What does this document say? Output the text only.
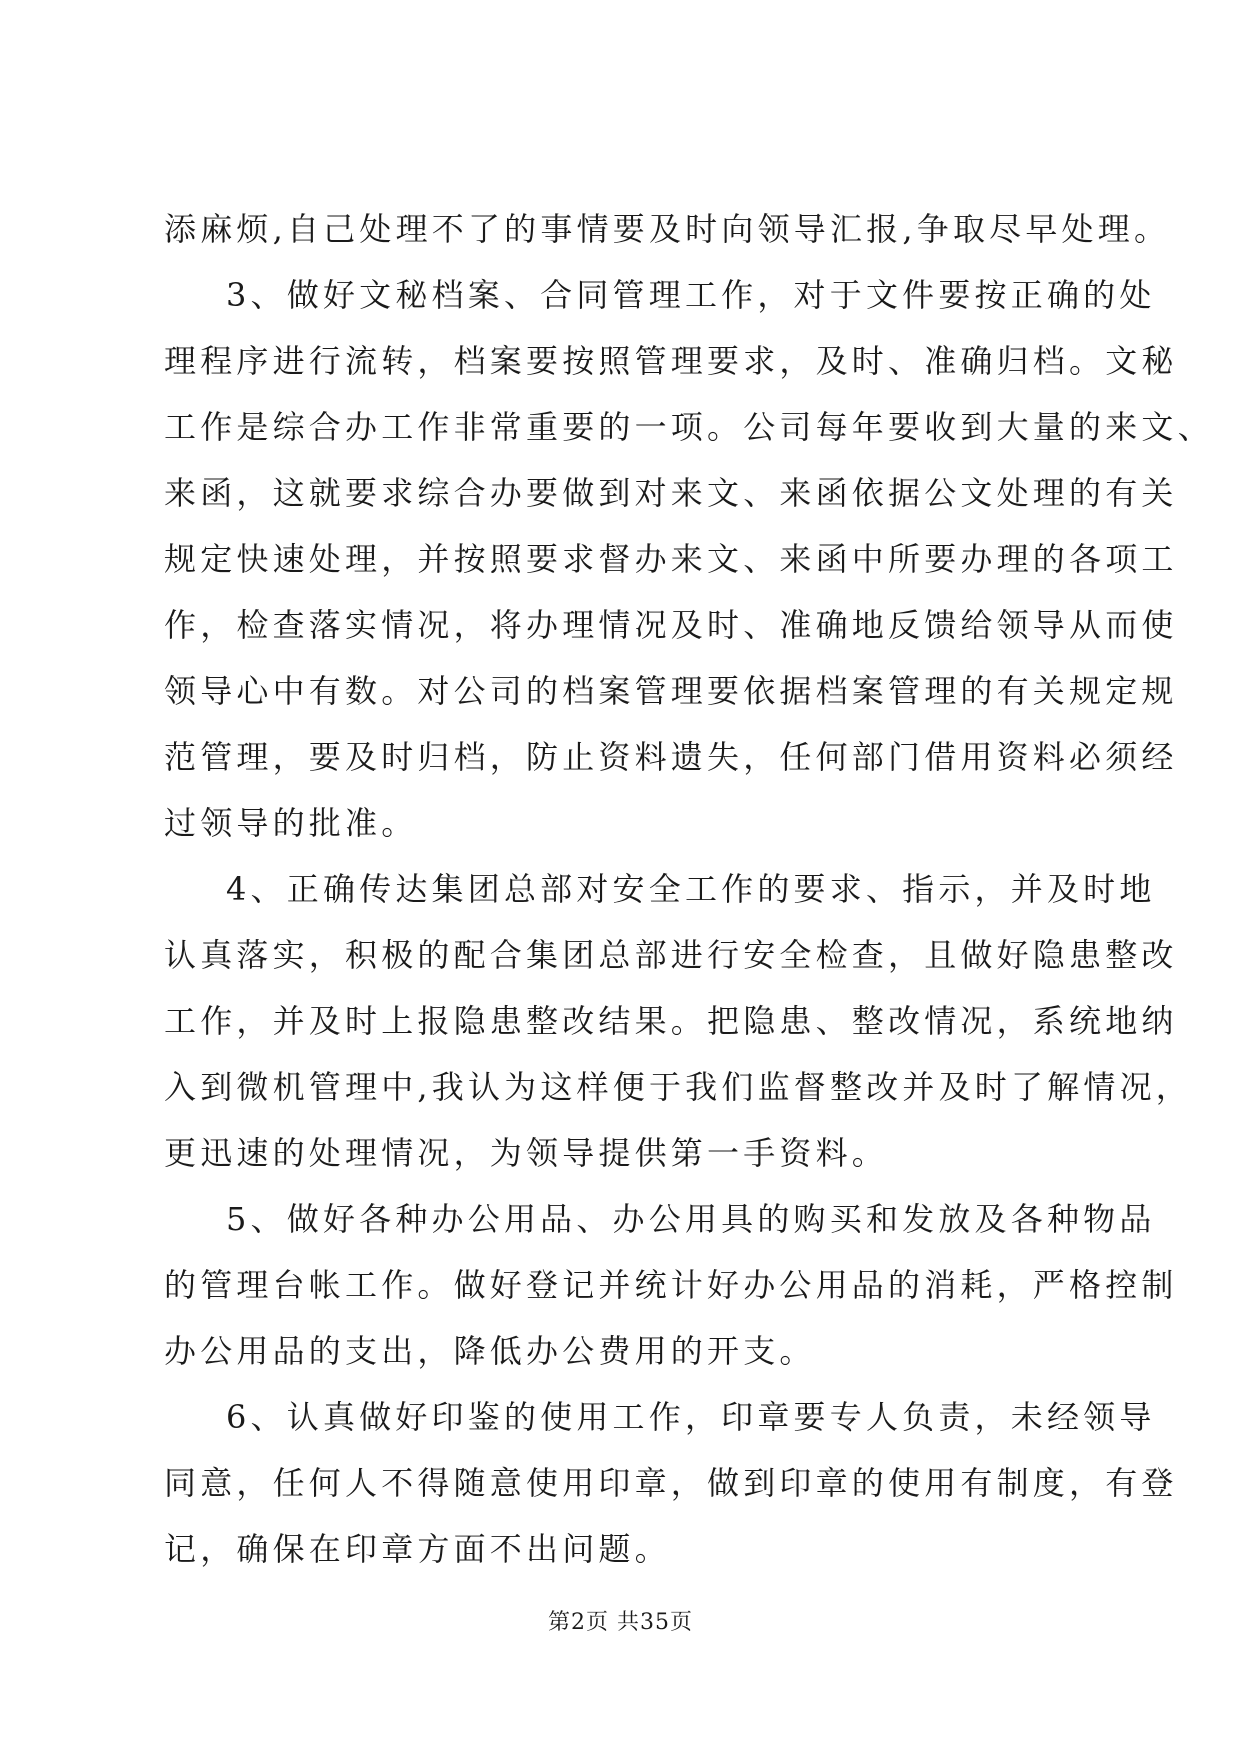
添麻烦,自己处理不了的事情要及时向领导汇报,争取尽早处理。
3、做好文秘档案、合同管理工作，对于文件要按正确的处
理程序进行流转，档案要按照管理要求，及时、准确归档。文秘
工作是综合办工作非常重要的一项。公司每年要收到大量的来文、
来函，这就要求综合办要做到对来文、来函依据公文处理的有关
规定快速处理，并按照要求督办来文、来函中所要办理的各项工
作，检查落实情况，将办理情况及时、准确地反馈给领导从而使
领导心中有数。对公司的档案管理要依据档案管理的有关规定规
范管理，要及时归档，防止资料遗失，任何部门借用资料必须经
过领导的批准。
4、正确传达集团总部对安全工作的要求、指示，并及时地
认真落实，积极的配合集团总部进行安全检查，且做好隐患整改
工作，并及时上报隐患整改结果。把隐患、整改情况，系统地纳
入到微机管理中,我认为这样便于我们监督整改并及时了解情况，
更迅速的处理情况，为领导提供第一手资料。
5、做好各种办公用品、办公用具的购买和发放及各种物品
的管理台帐工作。做好登记并统计好办公用品的消耗，严格控制
办公用品的支出，降低办公费用的开支。
6、认真做好印鉴的使用工作，印章要专人负责，未经领导
同意，任何人不得随意使用印章，做到印章的使用有制度，有登
记，确保在印章方面不出问题。
第2页 共35页
